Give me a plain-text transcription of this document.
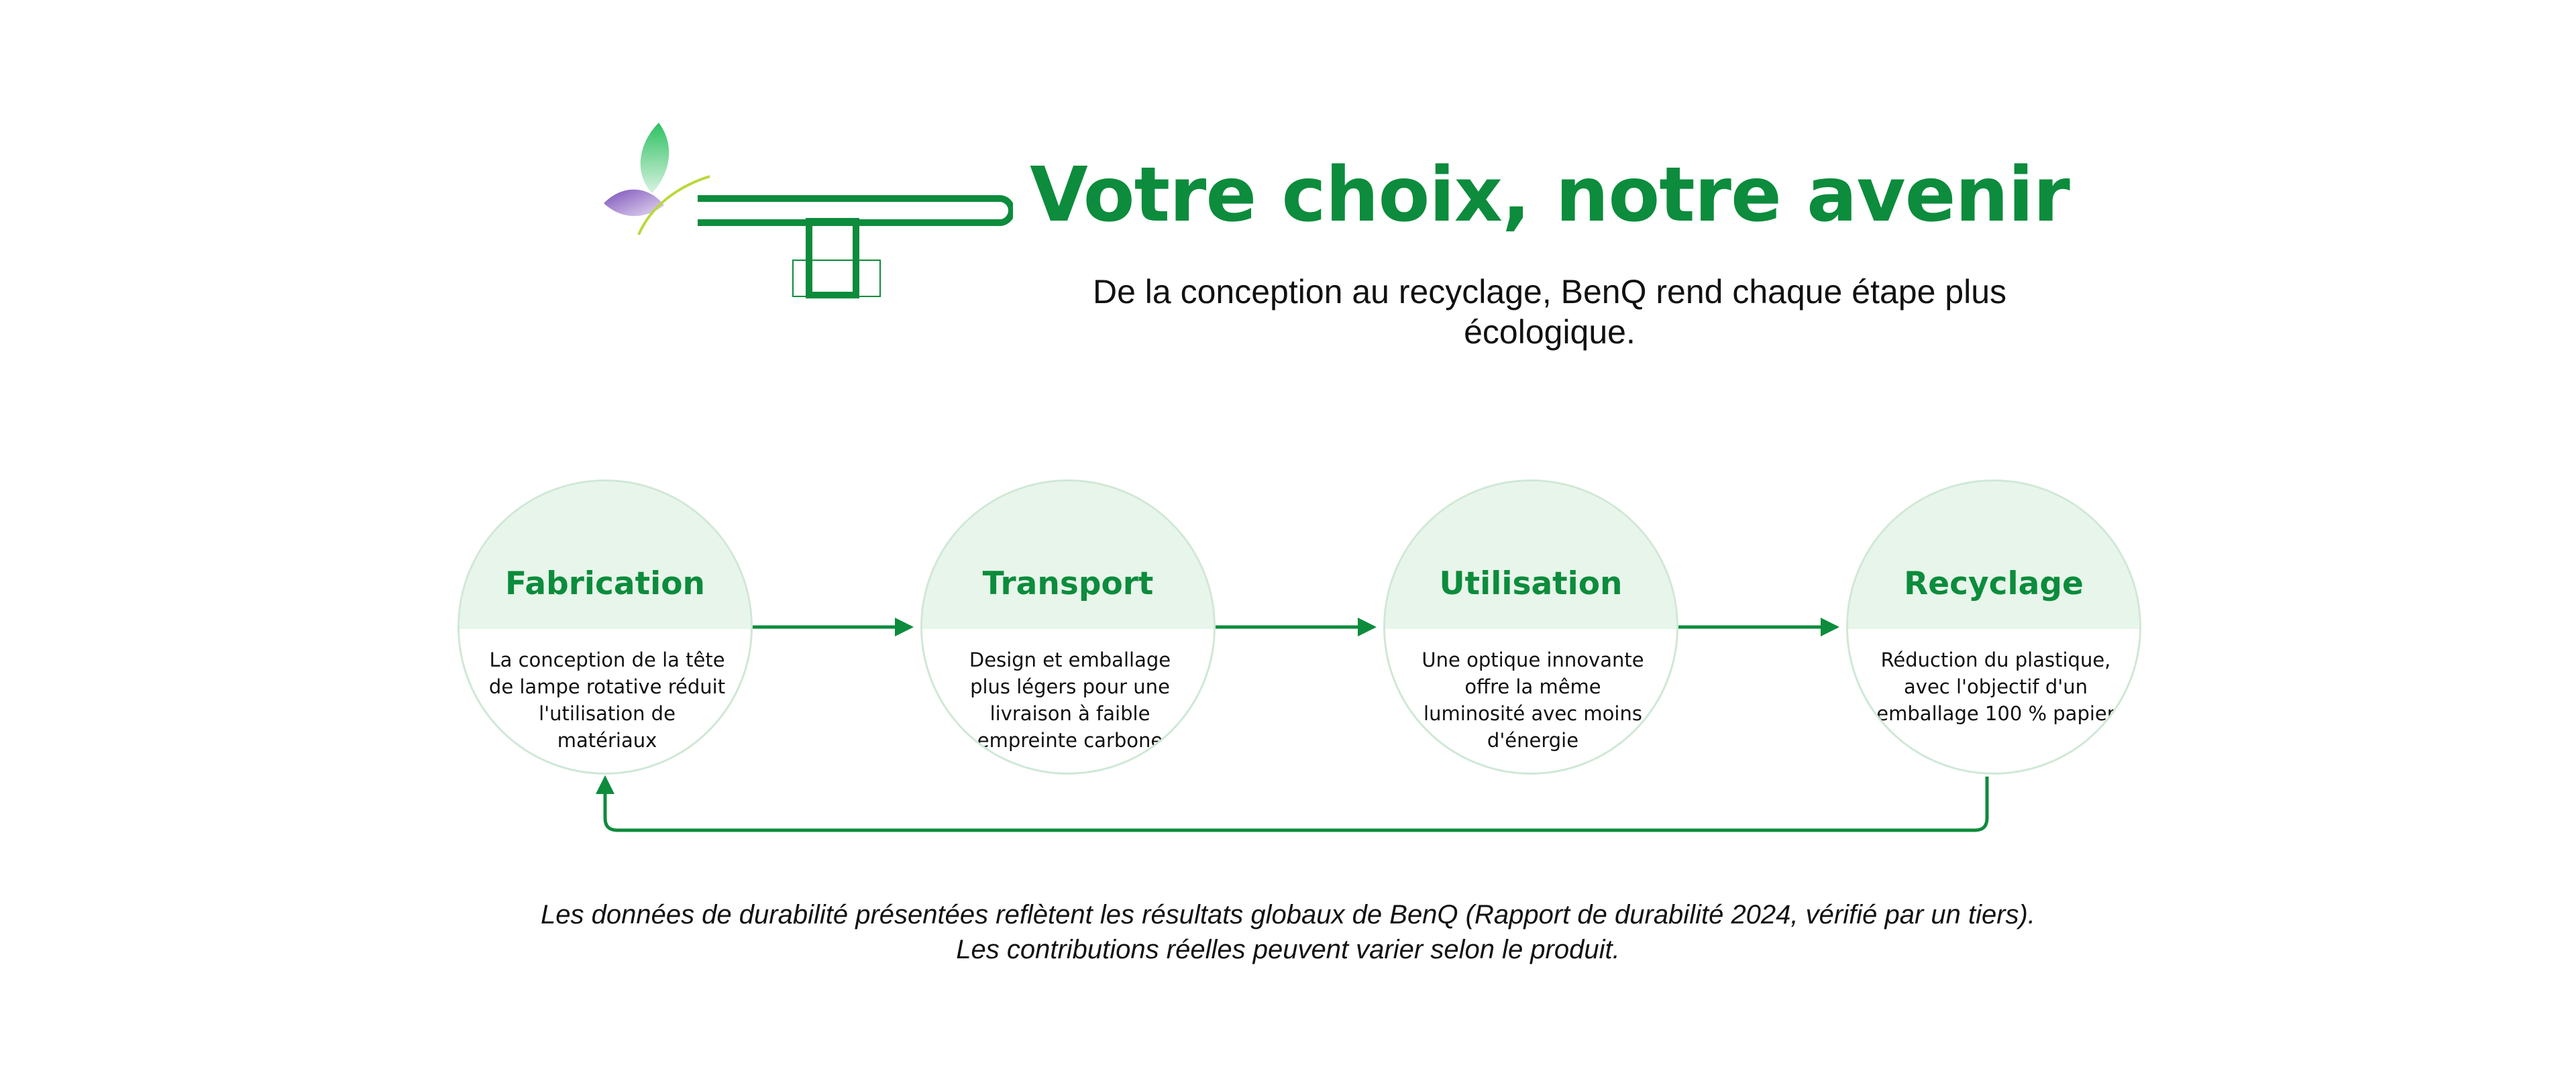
Votre choix, notre avenir
De la conception au recyclage, BenQ rend chaque étape plus écologique.
Fabrication
La conception de la tête de lampe rotative réduit l'utilisation de matériaux
Transport
Design et emballage plus légers pour une livraison à faible empreinte carbone
Utilisation
Une optique innovante offre la même luminosité avec moins d'énergie
Recyclage
Réduction du plastique, avec l'objectif d'un emballage 100 % papier
Les données de durabilité présentées reflètent les résultats globaux de BenQ (Rapport de durabilité 2024, vérifié par un tiers).
Les contributions réelles peuvent varier selon le produit.
